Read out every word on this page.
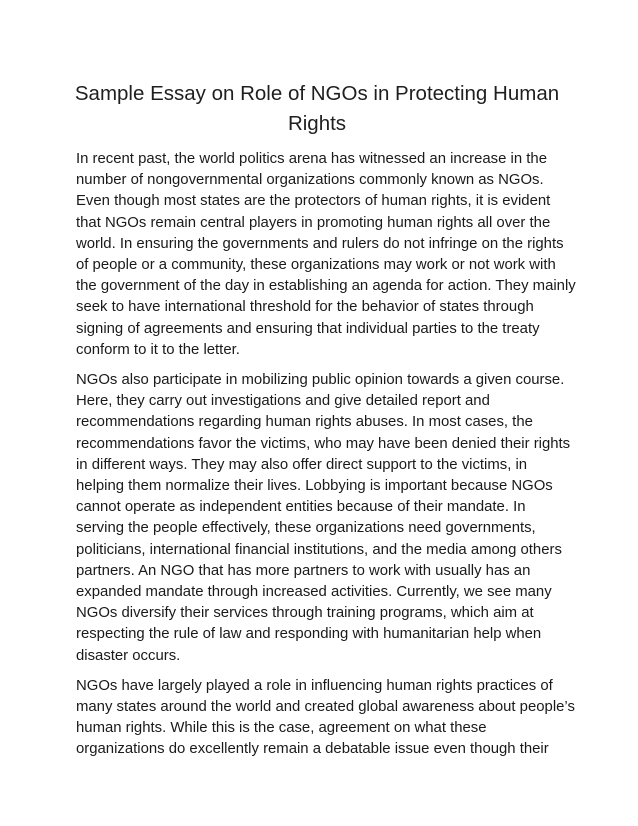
Sample Essay on Role of NGOs in Protecting Human Rights

In recent past, the world politics arena has witnessed an increase in the number of nongovernmental organizations commonly known as NGOs. Even though most states are the protectors of human rights, it is evident that NGOs remain central players in promoting human rights all over the world. In ensuring the governments and rulers do not infringe on the rights of people or a community, these organizations may work or not work with the government of the day in establishing an agenda for action. They mainly seek to have international threshold for the behavior of states through signing of agreements and ensuring that individual parties to the treaty conform to it to the letter.

NGOs also participate in mobilizing public opinion towards a given course. Here, they carry out investigations and give detailed report and recommendations regarding human rights abuses. In most cases, the recommendations favor the victims, who may have been denied their rights in different ways. They may also offer direct support to the victims, in helping them normalize their lives. Lobbying is important because NGOs cannot operate as independent entities because of their mandate. In serving the people effectively, these organizations need governments, politicians, international financial institutions, and the media among others partners. An NGO that has more partners to work with usually has an expanded mandate through increased activities. Currently, we see many NGOs diversify their services through training programs, which aim at respecting the rule of law and responding with humanitarian help when disaster occurs.

NGOs have largely played a role in influencing human rights practices of many states around the world and created global awareness about people’s human rights. While this is the case, agreement on what these organizations do excellently remain a debatable issue even though their
